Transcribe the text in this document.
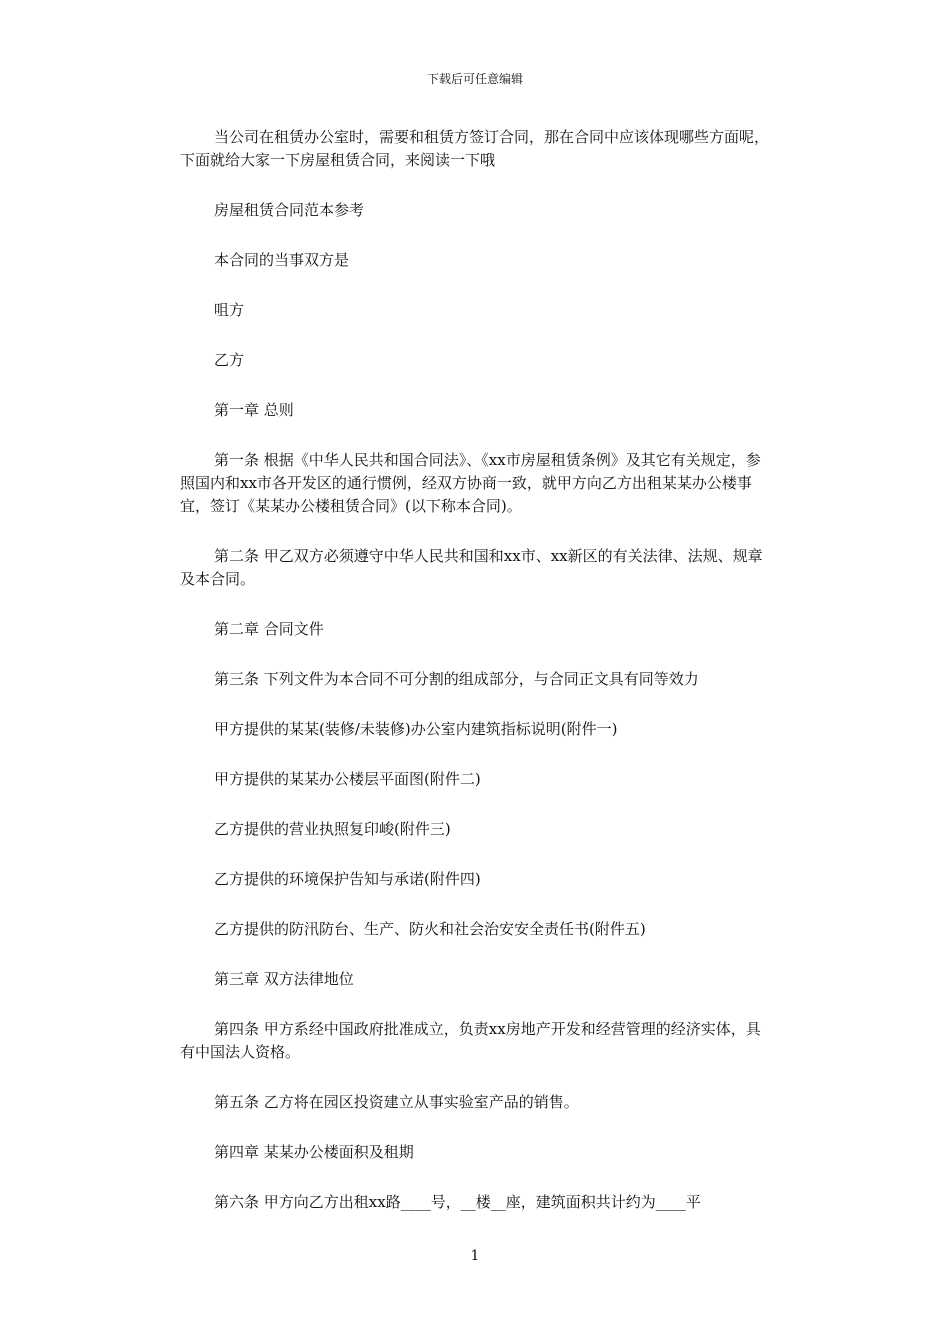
下载后可任意编辑

当公司在租赁办公室时，需要和租赁方签订合同，那在合同中应该体现哪些方面呢，下面就给大家一下房屋租赁合同，来阅读一下哦

房屋租赁合同范本参考

本合同的当事双方是

咀方

乙方

第一章 总则

第一条 根据《中华人民共和国合同法》、《xx市房屋租赁条例》及其它有关规定，参照国内和xx市各开发区的通行惯例，经双方协商一致，就甲方向乙方出租某某办公楼事宜，签订《某某办公楼租赁合同》(以下称本合同)。

第二条 甲乙双方必须遵守中华人民共和国和xx市、xx新区的有关法律、法规、规章及本合同。

第二章 合同文件

第三条 下列文件为本合同不可分割的组成部分，与合同正文具有同等效力

甲方提供的某某(装修/未装修)办公室内建筑指标说明(附件一)

甲方提供的某某办公楼层平面图(附件二)

乙方提供的营业执照复印峻(附件三)

乙方提供的环境保护告知与承诺(附件四)

乙方提供的防汛防台、生产、防火和社会治安安全责任书(附件五)

第三章 双方法律地位

第四条 甲方系经中国政府批准成立，负责xx房地产开发和经营管理的经济实体，具有中国法人资格。

第五条 乙方将在园区投资建立从事实验室产品的销售。

第四章 某某办公楼面积及租期

第六条 甲方向乙方出租xx路____号，__楼__座，建筑面积共计约为____平

1
